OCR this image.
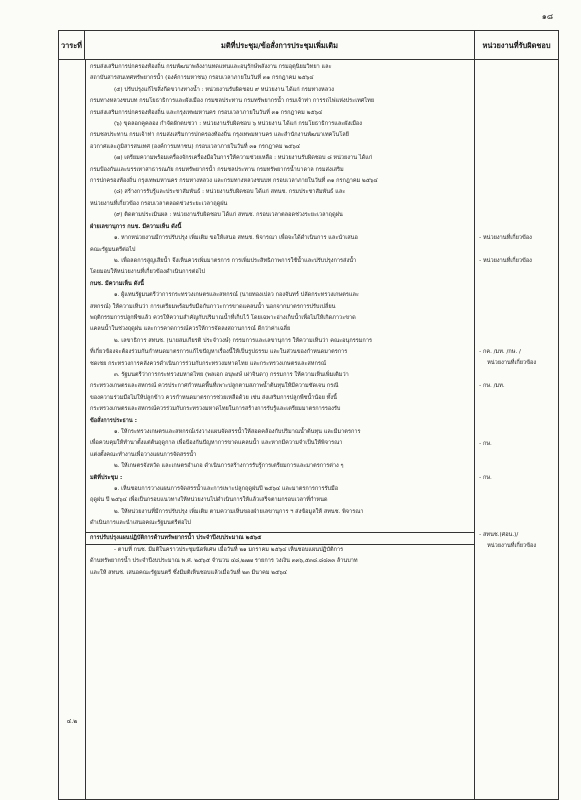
๑๘
วาระที่	มติที่ประชุม/ข้อสั่งการประชุมเพิ่มเติม	หน่วยงานที่รับผิดชอบ
๔.๒

กรมส่งเสริมการปกครองท้องถิ่น กรมพัฒนาพลังงานทดแทนและอนุรักษ์พลังงาน กรมอุตุนิยมวิทยา และ

สถาบันสารสนเทศทรัพยากรน้ำ (องค์การมหาชน) กรอบเวลาภายในวันที่ ๓๑ กรกฎาคม ๒๕๖๔

(๕) ปรับปรุงแก้ไขสิ่งกีดขวางทางน้ำ : หน่วยงานรับผิดชอบ ๙ หน่วยงาน ได้แก่ กรมทางหลวง

กรมทางหลวงชนบท กรมโยธาธิการและผังเมือง กรมชลประทาน กรมทรัพยากรน้ำ กรมเจ้าท่า การรถไฟแห่งประเทศไทย

กรมส่งเสริมการปกครองท้องถิ่น และกรุงเทพมหานคร กรอบเวลาภายในวันที่ ๓๑ กรกฎาคม ๒๕๖๔

(๖) ขุดลอกคูคลอง กำจัดผักตบชวา : หน่วยงานรับผิดชอบ ๖ หน่วยงาน ได้แก่ กรมโยธาธิการและผังเมือง

กรมชลประทาน กรมเจ้าท่า กรมส่งเสริมการปกครองท้องถิ่น กรุงเทพมหานคร และสำนักงานพัฒนาเทคโนโลยี

อวกาศและภูมิสารสนเทศ (องค์การมหาชน) กรอบเวลาภายในวันที่ ๓๑ กรกฎาคม ๒๕๖๔

(๗) เตรียมความพร้อมเครื่องจักรเครื่องมือในการให้ความช่วยเหลือ : หน่วยงานรับผิดชอบ ๘ หน่วยงาน ได้แก่

กรมป้องกันและบรรเทาสาธารณภัย กรมทรัพยากรน้ำ กรมชลประทาน กรมทรัพยากรน้ำบาดาล กรมส่งเสริม

การปกครองท้องถิ่น กรุงเทพมหานคร กรมทางหลวง และกรมทางหลวงชนบท กรอบเวลาภายในวันที่ ๓๑ กรกฎาคม ๒๕๖๔

(๘) สร้างการรับรู้และประชาสัมพันธ์ : หน่วยงานรับผิดชอบ ได้แก่ สทนช. กรมประชาสัมพันธ์ และ

หน่วยงานที่เกี่ยวข้อง กรอบเวลาตลอดช่วงระยะเวลาฤดูฝน

(๙) ติดตามประเมินผล : หน่วยงานรับผิดชอบ ได้แก่ สทนช. กรอบเวลาตลอดช่วงระยะเวลาฤดูฝน

ฝ่ายเลขานุการ กนช. มีความเห็น ดังนี้

๑. หากหน่วยงานมีการปรับปรุง เพิ่มเติม ขอให้เสนอ สทนช. พิจารณา เพื่อจะได้ดำเนินการ และนำเสนอ

คณะรัฐมนตรีต่อไป

๒. เพื่อลดการสูญเสียน้ำ จึงเห็นควรเพิ่มมาตรการ การเพิ่มประสิทธิภาพการใช้น้ำและปรับปรุงการส่งน้ำ

โดยมอบให้หน่วยงานที่เกี่ยวข้องดำเนินการต่อไป

กนช. มีความเห็น ดังนี้

๑. ผู้แทนรัฐมนตรีว่าการกระทรวงเกษตรและสหกรณ์ (นายทองเปลว กองจันทร์ ปลัดกระทรวงเกษตรและ

สหกรณ์) ให้ความเห็นว่า การเตรียมพร้อมรับมือกับภาวะการขาดแคลนน้ำ นอกจากมาตรการปรับเปลี่ยน

พฤติกรรมการปลูกพืชแล้ว ควรให้ความสำคัญกับปริมาณน้ำที่เก็บไว้ โดยเฉพาะอ่างเก็บน้ำเพื่อไม่ให้เกิดภาวะขาด

แคลนน้ำในช่วงฤดูฝน และการคาดการณ์ควรให้การจัดลงสถานการณ์ ดีกว่าค่าเฉลี่ย

๒. เลขาธิการ สทนช. (นายสมเกียรติ ประจำวงษ์) กรรมการและเลขานุการ ให้ความเห็นว่า คณะอนุกรรมการ

ที่เกี่ยวข้องจะต้องร่วมกันกำหนดมาตรการแก้ไขปัญหาเรื่องนี้ให้เป็นรูปธรรม และในส่วนของกำหนดมาตรการ

ชดเชย กระทรวงการคลังควรดำเนินการร่วมกับกระทรวงมหาดไทย และกระทรวงเกษตรและสหกรณ์

๓. รัฐมนตรีว่าการกระทรวงมหาดไทย (พลเอก อนุพงษ์ เผ่าจินดา) กรรมการ ให้ความเห็นเพิ่มเติมว่า

กระทรวงเกษตรและสหกรณ์ ควรประกาศกำหนดพื้นที่เพาะปลูกตามสภาพน้ำต้นทุนให้มีความชัดเจน กรณี

ของความร่วมมือไม่ให้ปลูกข้าว ควรกำหนดมาตรการช่วยเหลือด้วย เช่น ส่งเสริมการปลูกพืชน้ำน้อย ทั้งนี้

กระทรวงเกษตรและสหกรณ์ควรร่วมกับกระทรวงมหาดไทยในการสร้างการรับรู้และเตรียมมาตรการรองรับ

ข้อสั่งการประธาน :

๑. ให้กระทรวงเกษตรและสหกรณ์เร่งวางแผนจัดสรรน้ำให้สอดคล้องกับปริมาณน้ำต้นทุน และมีมาตรการ

เพื่อควบคุมให้ทำนาตั้งแต่ต้นฤดูกาล เพื่อป้องกันปัญหาการขาดแคลนน้ำ และหากมีความจำเป็นให้พิจารณา

แต่งตั้งคณะทำงานเพื่อวางแผนการจัดสรรน้ำ

๒. ให้เกษตรจังหวัด และเกษตรอำเภอ ดำเนินการสร้างการรับรู้การเตรียมการและมาตรการต่าง ๆ

มติที่ประชุม :

๑. เห็นชอบการวางแผนการจัดสรรน้ำและการเพาะปลูกฤดูฝนปี ๒๕๖๔ และมาตรการการรับมือ

ฤดูฝน ปี ๒๕๖๔ เพื่อเป็นกรอบแนวทางให้หน่วยงานไปดำเนินการให้แล้วเสร็จตามกรอบเวลาที่กำหนด

๒. ให้หน่วยงานที่มีการปรับปรุง เพิ่มเติม ตามความเห็นของฝ่ายเลขานุการ ฯ ส่งข้อมูลให้ สทนช. พิจารณา

ดำเนินการและนำเสนอคณะรัฐมนตรีต่อไป

การปรับปรุงแผนปฏิบัติการด้านทรัพยากรน้ำ ประจำปีงบประมาณ ๒๕๖๕

- ตามที่ กนช. มีมติในคราวประชุมนัดพิเศษ เมื่อวันที่ ๒๑ มกราคม ๒๕๖๔ เห็นชอบแผนปฏิบัติการ

ด้านทรัพยากรน้ำ ประจำปีงบประมาณ พ.ศ. ๒๕๖๕ จำนวน ๔๘,๒๗๗ รายการ วงเงิน ๓๓๖,๕๓๘.๘๔๓๓ ล้านบาท

และให้ สทนช. เสนอคณะรัฐมนตรี ซึ่งมีมติเห็นชอบแล้วเมื่อวันที่ ๒๓ มีนาคม ๒๕๖๔

- หน่วยงานที่เกี่ยวข้อง
- หน่วยงานที่เกี่ยวข้อง
- กค. /มท. /กษ. /
หน่วยงานที่เกี่ยวข้อง
- กษ. /มท.
- กษ.
- กษ.
- สทนช.(ศอน.)/
หน่วยงานที่เกี่ยวข้อง
